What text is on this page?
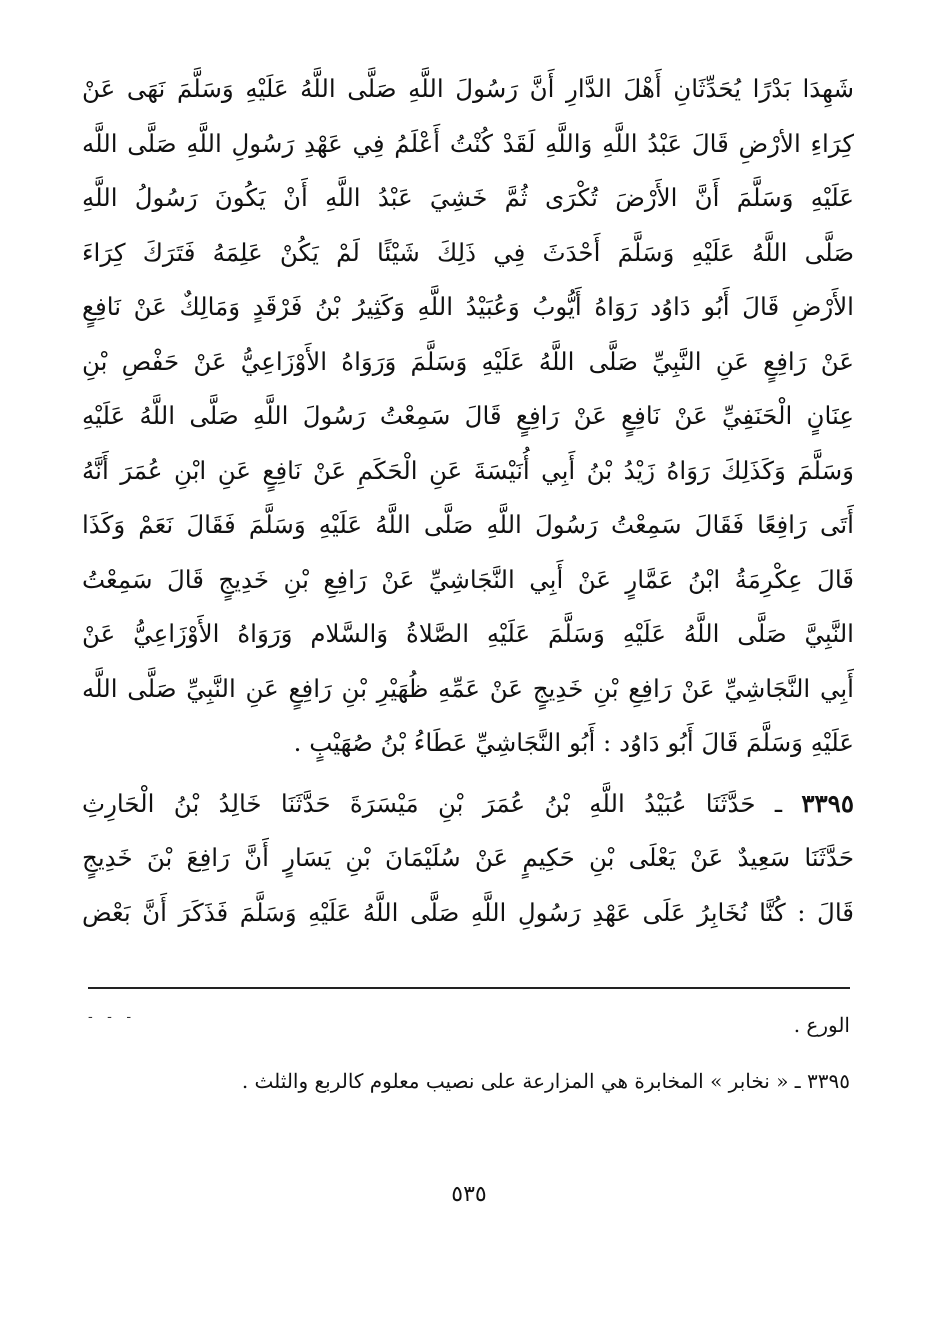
شَهِدَا بَدْرًا يُحَدِّثَانِ أَهْلَ الدَّارِ أَنَّ رَسُولَ اللَّهِ صَلَّى اللَّهُ عَلَيْهِ وَسَلَّمَ نَهَى عَنْ
كِرَاءِ الأرْضِ قَالَ عَبْدُ اللَّهِ وَاللَّهِ لَقَدْ كُنْتُ أَعْلَمُ فِي عَهْدِ رَسُولِ اللَّهِ صَلَّى اللَّه
عَلَيْهِ وَسَلَّمَ أَنَّ الأَرْضَ تُكْرَى ثُمَّ خَشِيَ عَبْدُ اللَّهِ أَنْ يَكُونَ رَسُولُ اللَّهِ
صَلَّى اللَّهُ عَلَيْهِ وَسَلَّمَ أَحْدَثَ فِي ذَلِكَ شَيْئًا لَمْ يَكُنْ عَلِمَهُ فَتَرَكَ كِرَاءَ
الأَرْضِ قَالَ أَبُو دَاوُد رَوَاهُ أَيُّوبُ وَعُبَيْدُ اللَّهِ وَكَثِيرُ بْنُ فَرْقَدٍ وَمَالِكٌ عَنْ نَافِعٍ
عَنْ رَافِعٍ عَنِ النَّبِيِّ صَلَّى اللَّهُ عَلَيْهِ وَسَلَّمَ وَرَوَاهُ الأَوْزَاعِيُّ عَنْ حَفْصِ بْنِ
عِنَانٍ الْحَنَفِيِّ عَنْ نَافِعٍ عَنْ رَافِعٍ قَالَ سَمِعْتُ رَسُولَ اللَّهِ صَلَّى اللَّهُ عَلَيْهِ
وَسَلَّمَ وَكَذَلِكَ رَوَاهُ زَيْدُ بْنُ أَبِي أُنَيْسَةَ عَنِ الْحَكَمِ عَنْ نَافِعٍ عَنِ ابْنِ عُمَرَ أَنَّهُ
أَتَى رَافِعًا فَقَالَ سَمِعْتُ رَسُولَ اللَّهِ صَلَّى اللَّهُ عَلَيْهِ وَسَلَّمَ فَقَالَ نَعَمْ وَكَذَا
قَالَ عِكْرِمَةُ ابْنُ عَمَّارٍ عَنْ أَبِي النَّجَاشِيِّ عَنْ رَافِعِ بْنِ خَدِيجٍ قَالَ سَمِعْتُ
النَّبِيَّ صَلَّى اللَّهُ عَلَيْهِ وَسَلَّمَ عَلَيْهِ الصَّلاةُ وَالسَّلام وَرَوَاهُ الأَوْزَاعِيُّ عَنْ
أَبِي النَّجَاشِيِّ عَنْ رَافِعِ بْنِ خَدِيجٍ عَنْ عَمِّهِ ظُهَيْرِ بْنِ رَافِعٍ عَنِ النَّبِيِّ صَلَّى اللَّه
عَلَيْهِ وَسَلَّمَ قَالَ أَبُو دَاوُد : أَبُو النَّجَاشِيِّ عَطَاءُ بْنُ صُهَيْبٍ .
٣٣٩٥ ـ حَدَّثَنَا عُبَيْدُ اللَّهِ بْنُ عُمَرَ بْنِ مَيْسَرَةَ حَدَّثَنَا خَالِدُ بْنُ الْحَارِثِ
حَدَّثَنَا سَعِيدٌ عَنْ يَعْلَى بْنِ حَكِيمٍ عَنْ سُلَيْمَانَ بْنِ يَسَارٍ أَنَّ رَافِعَ بْنَ خَدِيجٍ
قَالَ : كُنَّا نُخَابِرُ عَلَى عَهْدِ رَسُولِ اللَّهِ صَلَّى اللَّهُ عَلَيْهِ وَسَلَّمَ فَذَكَرَ أَنَّ بَعْض
- - -	الورع .
٣٣٩٥ ـ « نخابر » المخابرة هي المزارعة على نصيب معلوم كالربع والثلث .
٥٣٥
